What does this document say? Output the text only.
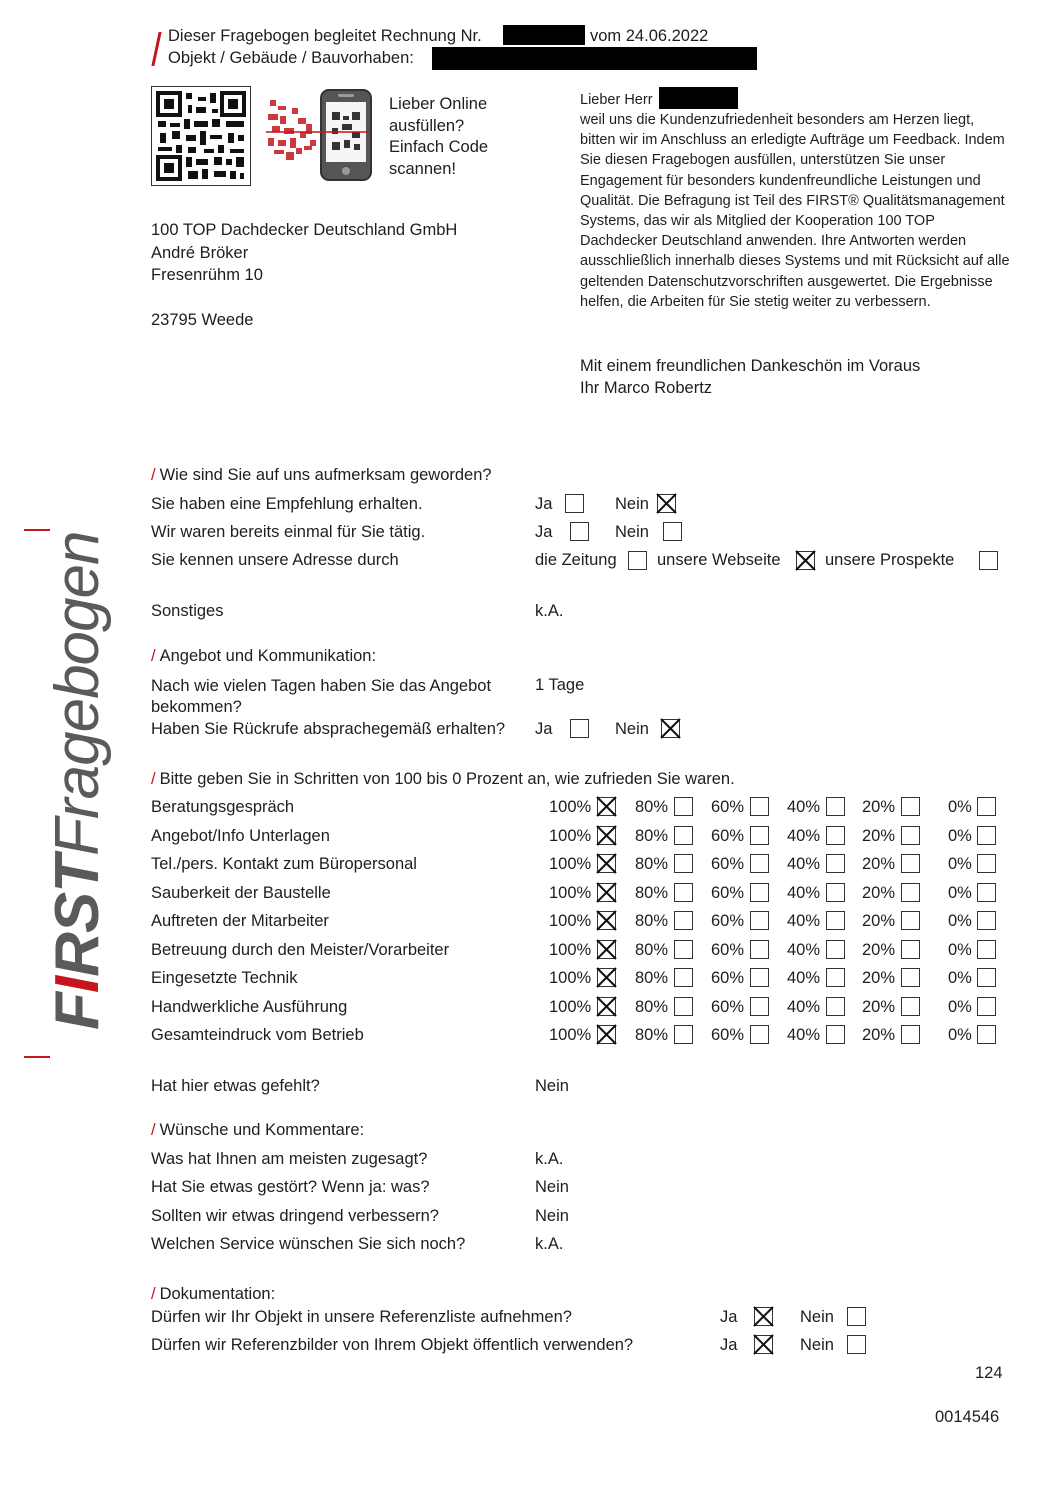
Dieser Fragebogen begleitet Rechnung Nr.	vom 24.06.2022
Objekt / Gebäude / Bauvorhaben:
Lieber Online
ausfüllen?
Einfach Code
scannen!
100 TOP Dachdecker Deutschland GmbH
André Bröker
Fresenrühm 10
23795 Weede
Lieber Herr
weil uns die Kundenzufriedenheit besonders am Herzen liegt, bitten wir im Anschluss an erledigte Aufträge um Feedback. Indem Sie diesen Fragebogen ausfüllen, unterstützen Sie unser Engagement für besonders kundenfreundliche Leistungen und Qualität. Die Befragung ist Teil des FIRST® Qualitätsmanagement Systems, das wir als Mitglied der Kooperation 100 TOP Dachdecker Deutschland anwenden. Ihre Antworten werden ausschließlich innerhalb dieses Systems und mit Rücksicht auf alle geltenden Datenschutzvorschriften ausgewertet. Die Ergebnisse helfen, die Arbeiten für Sie stetig weiter zu verbessern.
Mit einem freundlichen Dankeschön im Voraus
Ihr Marco Robertz
FIRSTFragebogen
/ Wie sind Sie auf uns aufmerksam geworden?
Sie haben eine Empfehlung erhalten.	Ja	Nein
Wir waren bereits einmal für Sie tätig.	Ja	Nein
Sie kennen unsere Adresse durch	die Zeitung unsere Webseite	unsere Prospekte
Sonstiges	k.A.
/ Angebot und Kommunikation:
Nach wie vielen Tagen haben Sie das Angebot
bekommen?
1 Tage
Haben Sie Rückrufe absprachegemäß erhalten? Ja	Nein
/ Bitte geben Sie in Schritten von 100 bis 0 Prozent an, wie zufrieden Sie waren.
Beratungsgespräch	100%	80%	60%	40%	20%	0%
Angebot/Info Unterlagen	100%	80%	60%	40%	20%	0%
Tel./pers. Kontakt zum Büropersonal	100%	80%	60%	40%	20%	0%
Sauberkeit der Baustelle	100%	80%	60%	40%	20%	0%
Auftreten der Mitarbeiter	100%	80%	60%	40%	20%	0%
Betreuung durch den Meister/Vorarbeiter	100%	80%	60%	40%	20%	0%
Eingesetzte Technik	100%	80%	60%	40%	20%	0%
Handwerkliche Ausführung	100%	80%	60%	40%	20%	0%
Gesamteindruck vom Betrieb	100%	80%	60%	40%	20%	0%
Hat hier etwas gefehlt?	Nein
/ Wünsche und Kommentare:
Was hat Ihnen am meisten zugesagt?	k.A.
Hat Sie etwas gestört? Wenn ja: was?	Nein
Sollten wir etwas dringend verbessern?	Nein
Welchen Service wünschen Sie sich noch?	k.A.
/ Dokumentation:
Dürfen wir Ihr Objekt in unsere Referenzliste aufnehmen?	Ja	Nein
Dürfen wir Referenzbilder von Ihrem Objekt öffentlich verwenden?	Ja	Nein
124
0014546
